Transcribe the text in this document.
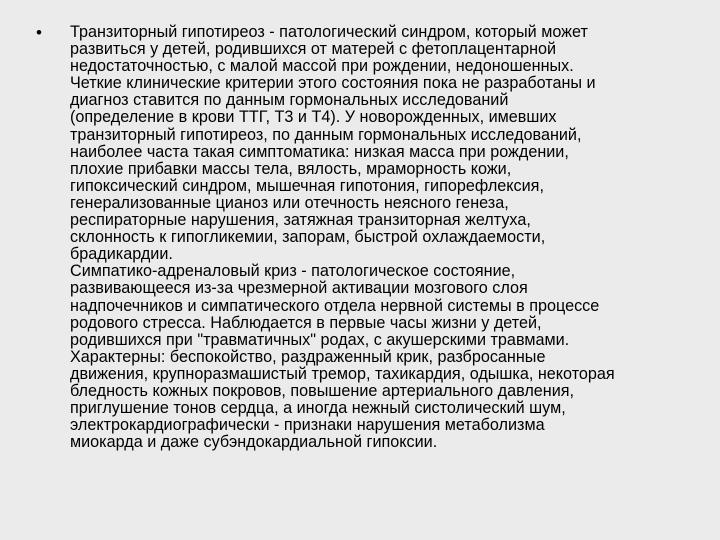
• Транзиторный гипотиреоз - патологический синдром, который может
развиться у детей, родившихся от матерей с фетоплацентарной
недостаточностью, с малой массой при рождении, недоношенных.
Четкие клинические критерии этого состояния пока не разработаны и
диагноз ставится по данным гормональных исследований
(определение в крови ТТГ, Т3 и Т4). У новорожденных, имевших
транзиторный гипотиреоз, по данным гормональных исследований,
наиболее часта такая симптоматика: низкая масса при рождении,
плохие прибавки массы тела, вялость, мраморность кожи,
гипоксический синдром, мышечная гипотония, гипорефлексия,
генерализованные цианоз или отечность неясного генеза,
респираторные нарушения, затяжная транзиторная желтуха,
склонность к гипогликемии, запорам, быстрой охлаждаемости,
брадикардии.
Симпатико-адреналовый криз - патологическое состояние,
развивающееся из-за чрезмерной активации мозгового слоя
надпочечников и симпатического отдела нервной системы в процессе
родового стресса. Наблюдается в первые часы жизни у детей,
родившихся при "травматичных" родах, с акушерскими травмами.
Характерны: беспокойство, раздраженный крик, разбросанные
движения, крупноразмашистый тремор, тахикардия, одышка, некоторая
бледность кожных покровов, повышение артериального давления,
приглушение тонов сердца, а иногда нежный систолический шум,
электрокардиографически - признаки нарушения метаболизма
миокарда и даже субэндокардиальной гипоксии.
